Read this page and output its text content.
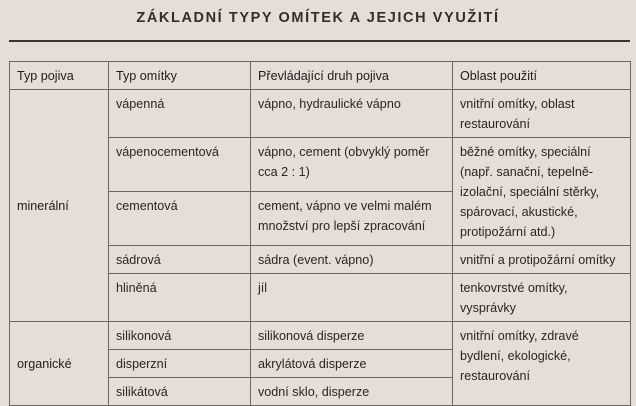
ZÁKLADNÍ TYPY OMÍTEK A JEJICH VYUŽITÍ
Typ pojiva	Typ omítky	Převládající druh pojiva	Oblast použití
minerální	vápenná	vápno, hydraulické vápno	vnitřní omítky, oblast restaurování
	vápenocementová	vápno, cement (obvyklý poměr cca 2 : 1)	běžné omítky, speciální (např. sanační, tepelně-izolační, speciální stěrky, spárovací, akustické, protipožární atd.)
	cementová	cement, vápno ve velmi malém množství pro lepší zpracování	
	sádrová	sádra (event. vápno)	vnitřní a protipožární omítky
	hliněná	jíl	tenkovrstvé omítky, vysprávky
organické	silikonová	silikonová disperze	vnitřní omítky, zdravé bydlení, ekologické, restaurování
	disperzní	akrylátová disperze	
	silikátová	vodní sklo, disperze	
